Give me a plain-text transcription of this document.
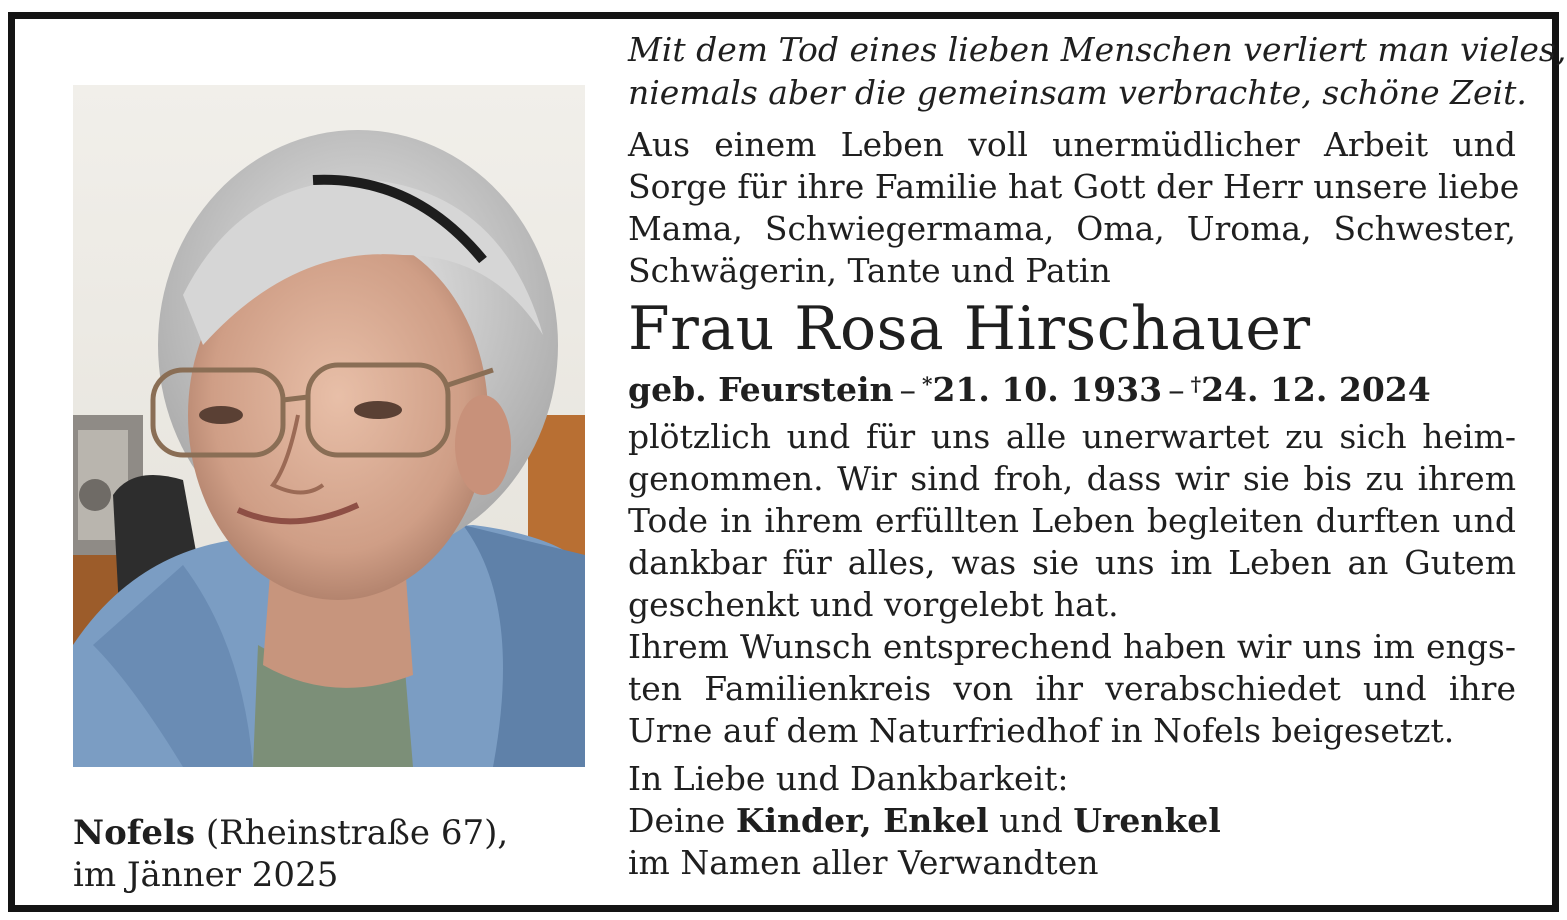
Nofels (Rheinstraße 67),
im Jänner 2025
Mit dem Tod eines lieben Menschen verliert man vieles,
niemals aber die gemeinsam verbrachte, schöne Zeit.
Aus einem Leben voll unermüdlicher Arbeit und
Sorge für ihre Familie hat Gott der Herr unsere liebe
Mama, Schwiegermama, Oma, Uroma, Schwester,
Schwägerin, Tante und Patin
Frau Rosa Hirschauer
geb. Feurstein – *21. 10. 1933 – †24. 12. 2024
plötzlich und für uns alle unerwartet zu sich heim-
genommen. Wir sind froh, dass wir sie bis zu ihrem
Tode in ihrem erfüllten Leben begleiten durften und
dankbar für alles, was sie uns im Leben an Gutem
geschenkt und vorgelebt hat.
Ihrem Wunsch entsprechend haben wir uns im engs-
ten Familienkreis von ihr verabschiedet und ihre
Urne auf dem Naturfriedhof in Nofels beigesetzt.
In Liebe und Dankbarkeit:
Deine Kinder, Enkel und Urenkel
im Namen aller Verwandten
